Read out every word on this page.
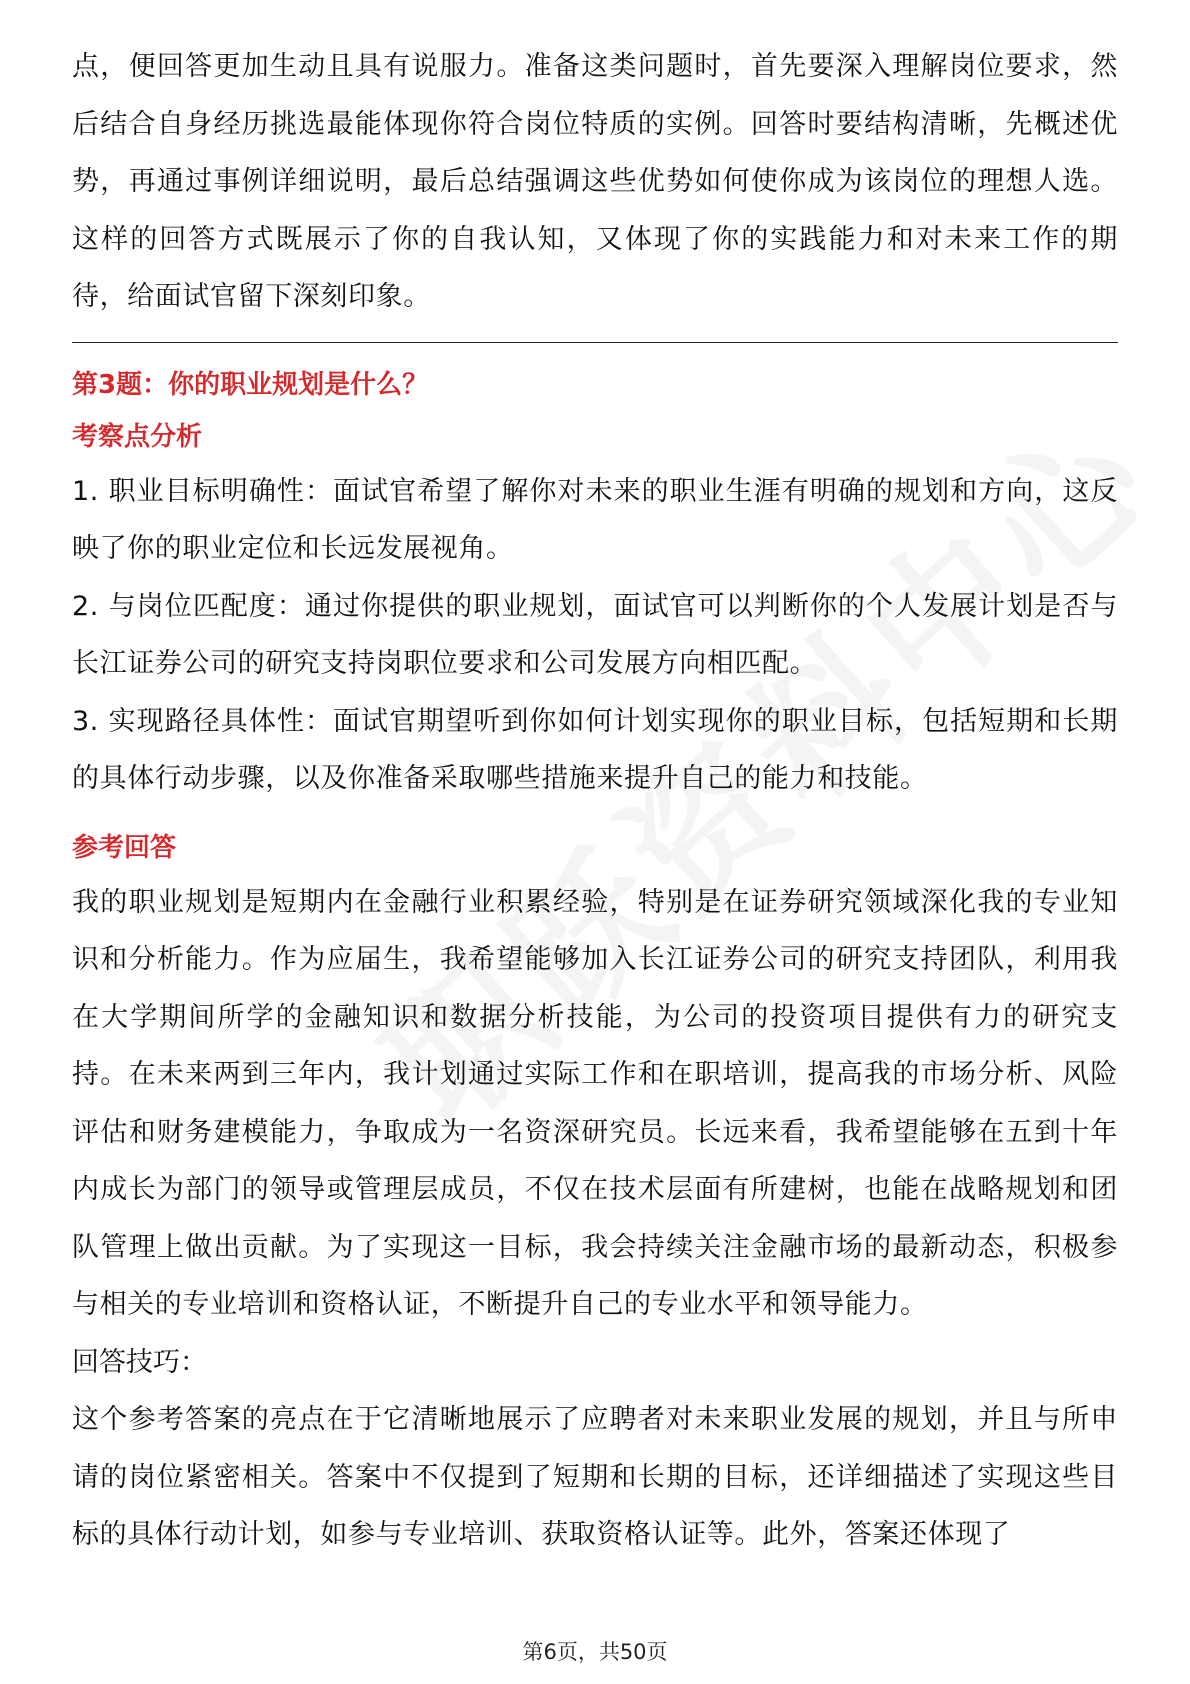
点，便回答更加生动且具有说服力。准备这类问题时，首先要深入理解岗位要求，然后结合自身经历挑选最能体现你符合岗位特质的实例。回答时要结构清晰，先概述优势，再通过事例详细说明，最后总结强调这些优势如何使你成为该岗位的理想人选。这样的回答方式既展示了你的自我认知，又体现了你的实践能力和对未来工作的期待，给面试官留下深刻印象。

第3题：你的职业规划是什么？

考察点分析

1. 职业目标明确性：面试官希望了解你对未来的职业生涯有明确的规划和方向，这反映了你的职业定位和长远发展视角。

2. 与岗位匹配度：通过你提供的职业规划，面试官可以判断你的个人发展计划是否与长江证券公司的研究支持岗职位要求和公司发展方向相匹配。

3. 实现路径具体性：面试官期望听到你如何计划实现你的职业目标，包括短期和长期的具体行动步骤，以及你准备采取哪些措施来提升自己的能力和技能。

参考回答

我的职业规划是短期内在金融行业积累经验，特别是在证券研究领域深化我的专业知识和分析能力。作为应届生，我希望能够加入长江证券公司的研究支持团队，利用我在大学期间所学的金融知识和数据分析技能，为公司的投资项目提供有力的研究支持。在未来两到三年内，我计划通过实际工作和在职培训，提高我的市场分析、风险评估和财务建模能力，争取成为一名资深研究员。长远来看，我希望能够在五到十年内成长为部门的领导或管理层成员，不仅在技术层面有所建树，也能在战略规划和团队管理上做出贡献。为了实现这一目标，我会持续关注金融市场的最新动态，积极参与相关的专业培训和资格认证，不断提升自己的专业水平和领导能力。

回答技巧：

这个参考答案的亮点在于它清晰地展示了应聘者对未来职业发展的规划，并且与所申请的岗位紧密相关。答案中不仅提到了短期和长期的目标，还详细描述了实现这些目标的具体行动计划，如参与专业培训、获取资格认证等。此外，答案还体现了

第6页，共50页
